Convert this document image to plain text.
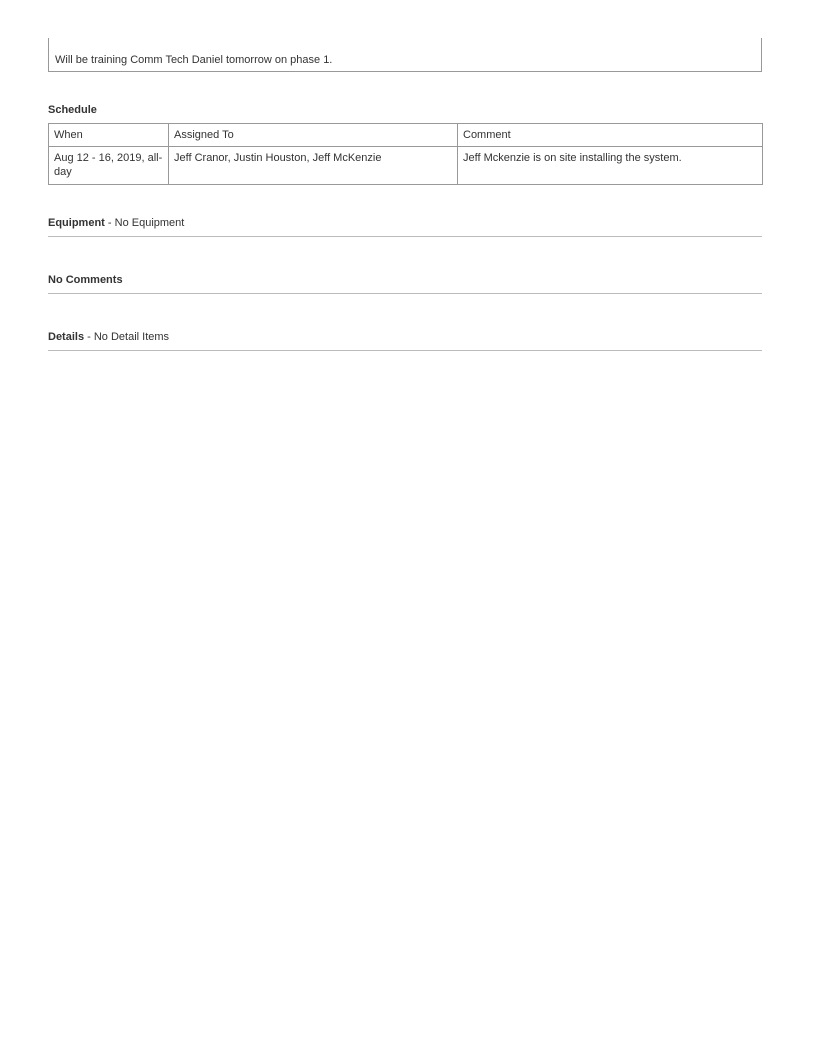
Will be training Comm Tech Daniel tomorrow on phase 1.
Schedule
When	Assigned To	Comment
Aug 12 - 16, 2019, all-day	Jeff Cranor, Justin Houston, Jeff McKenzie	Jeff Mckenzie is on site installing the system.
Equipment - No Equipment
No Comments
Details - No Detail Items
